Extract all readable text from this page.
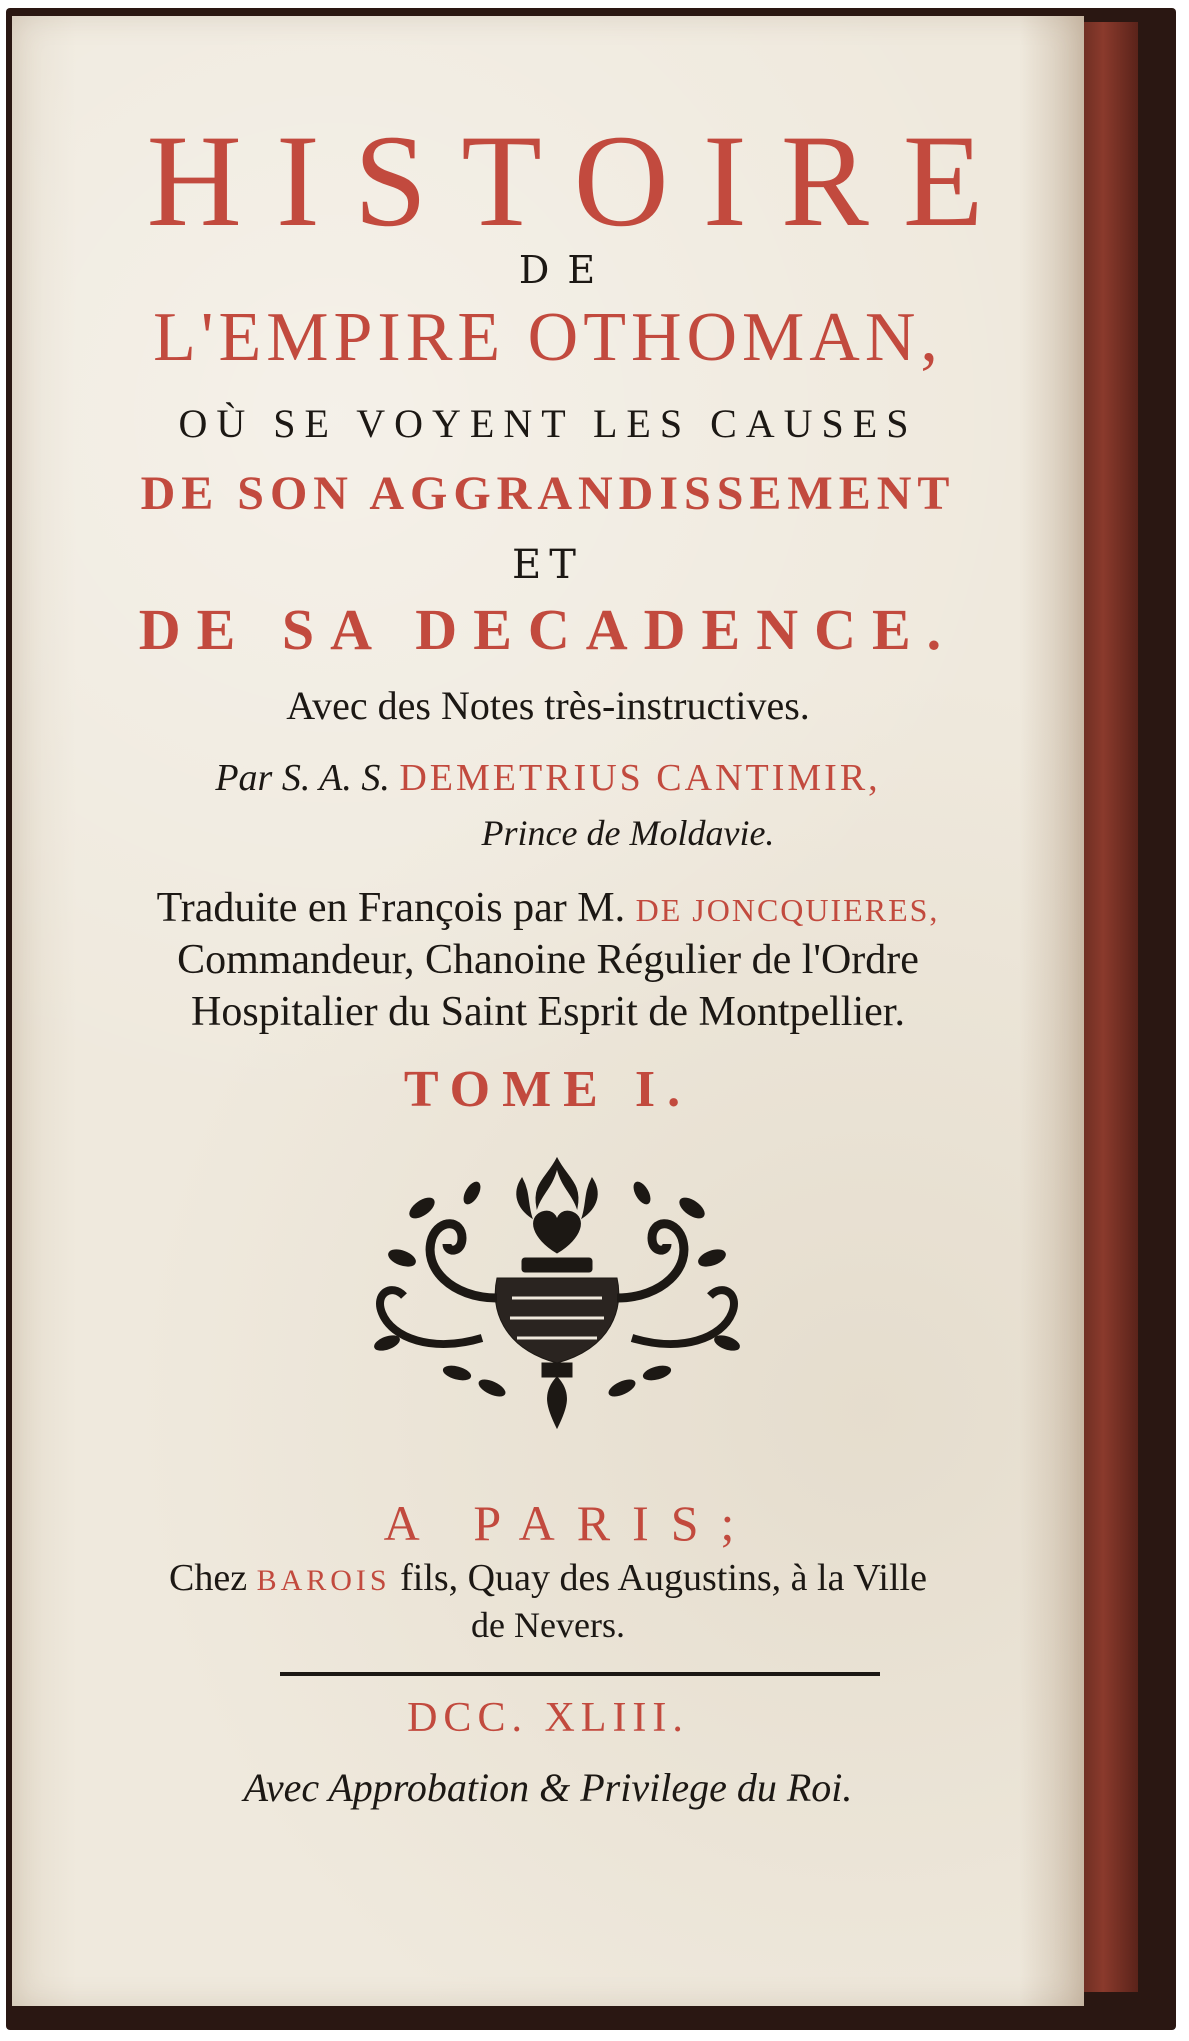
HISTOIRE
DE
L'EMPIRE OTHOMAN,
OÙ SE VOYENT LES CAUSES
DE SON AGGRANDISSEMENT
ET
DE SA DECADENCE.
Avec des Notes très-instructives.
Par S. A. S. DEMETRIUS CANTIMIR,
Prince de Moldavie.
Traduite en François par M. DE JONCQUIERES,
Commandeur, Chanoine Régulier de l'Ordre
Hospitalier du Saint Esprit de Montpellier.
TOME I.
A PARIS;
Chez BAROIS fils, Quay des Augustins, à la Ville
de Nevers.
DCC. XLIII.
Avec Approbation & Privilege du Roi.
